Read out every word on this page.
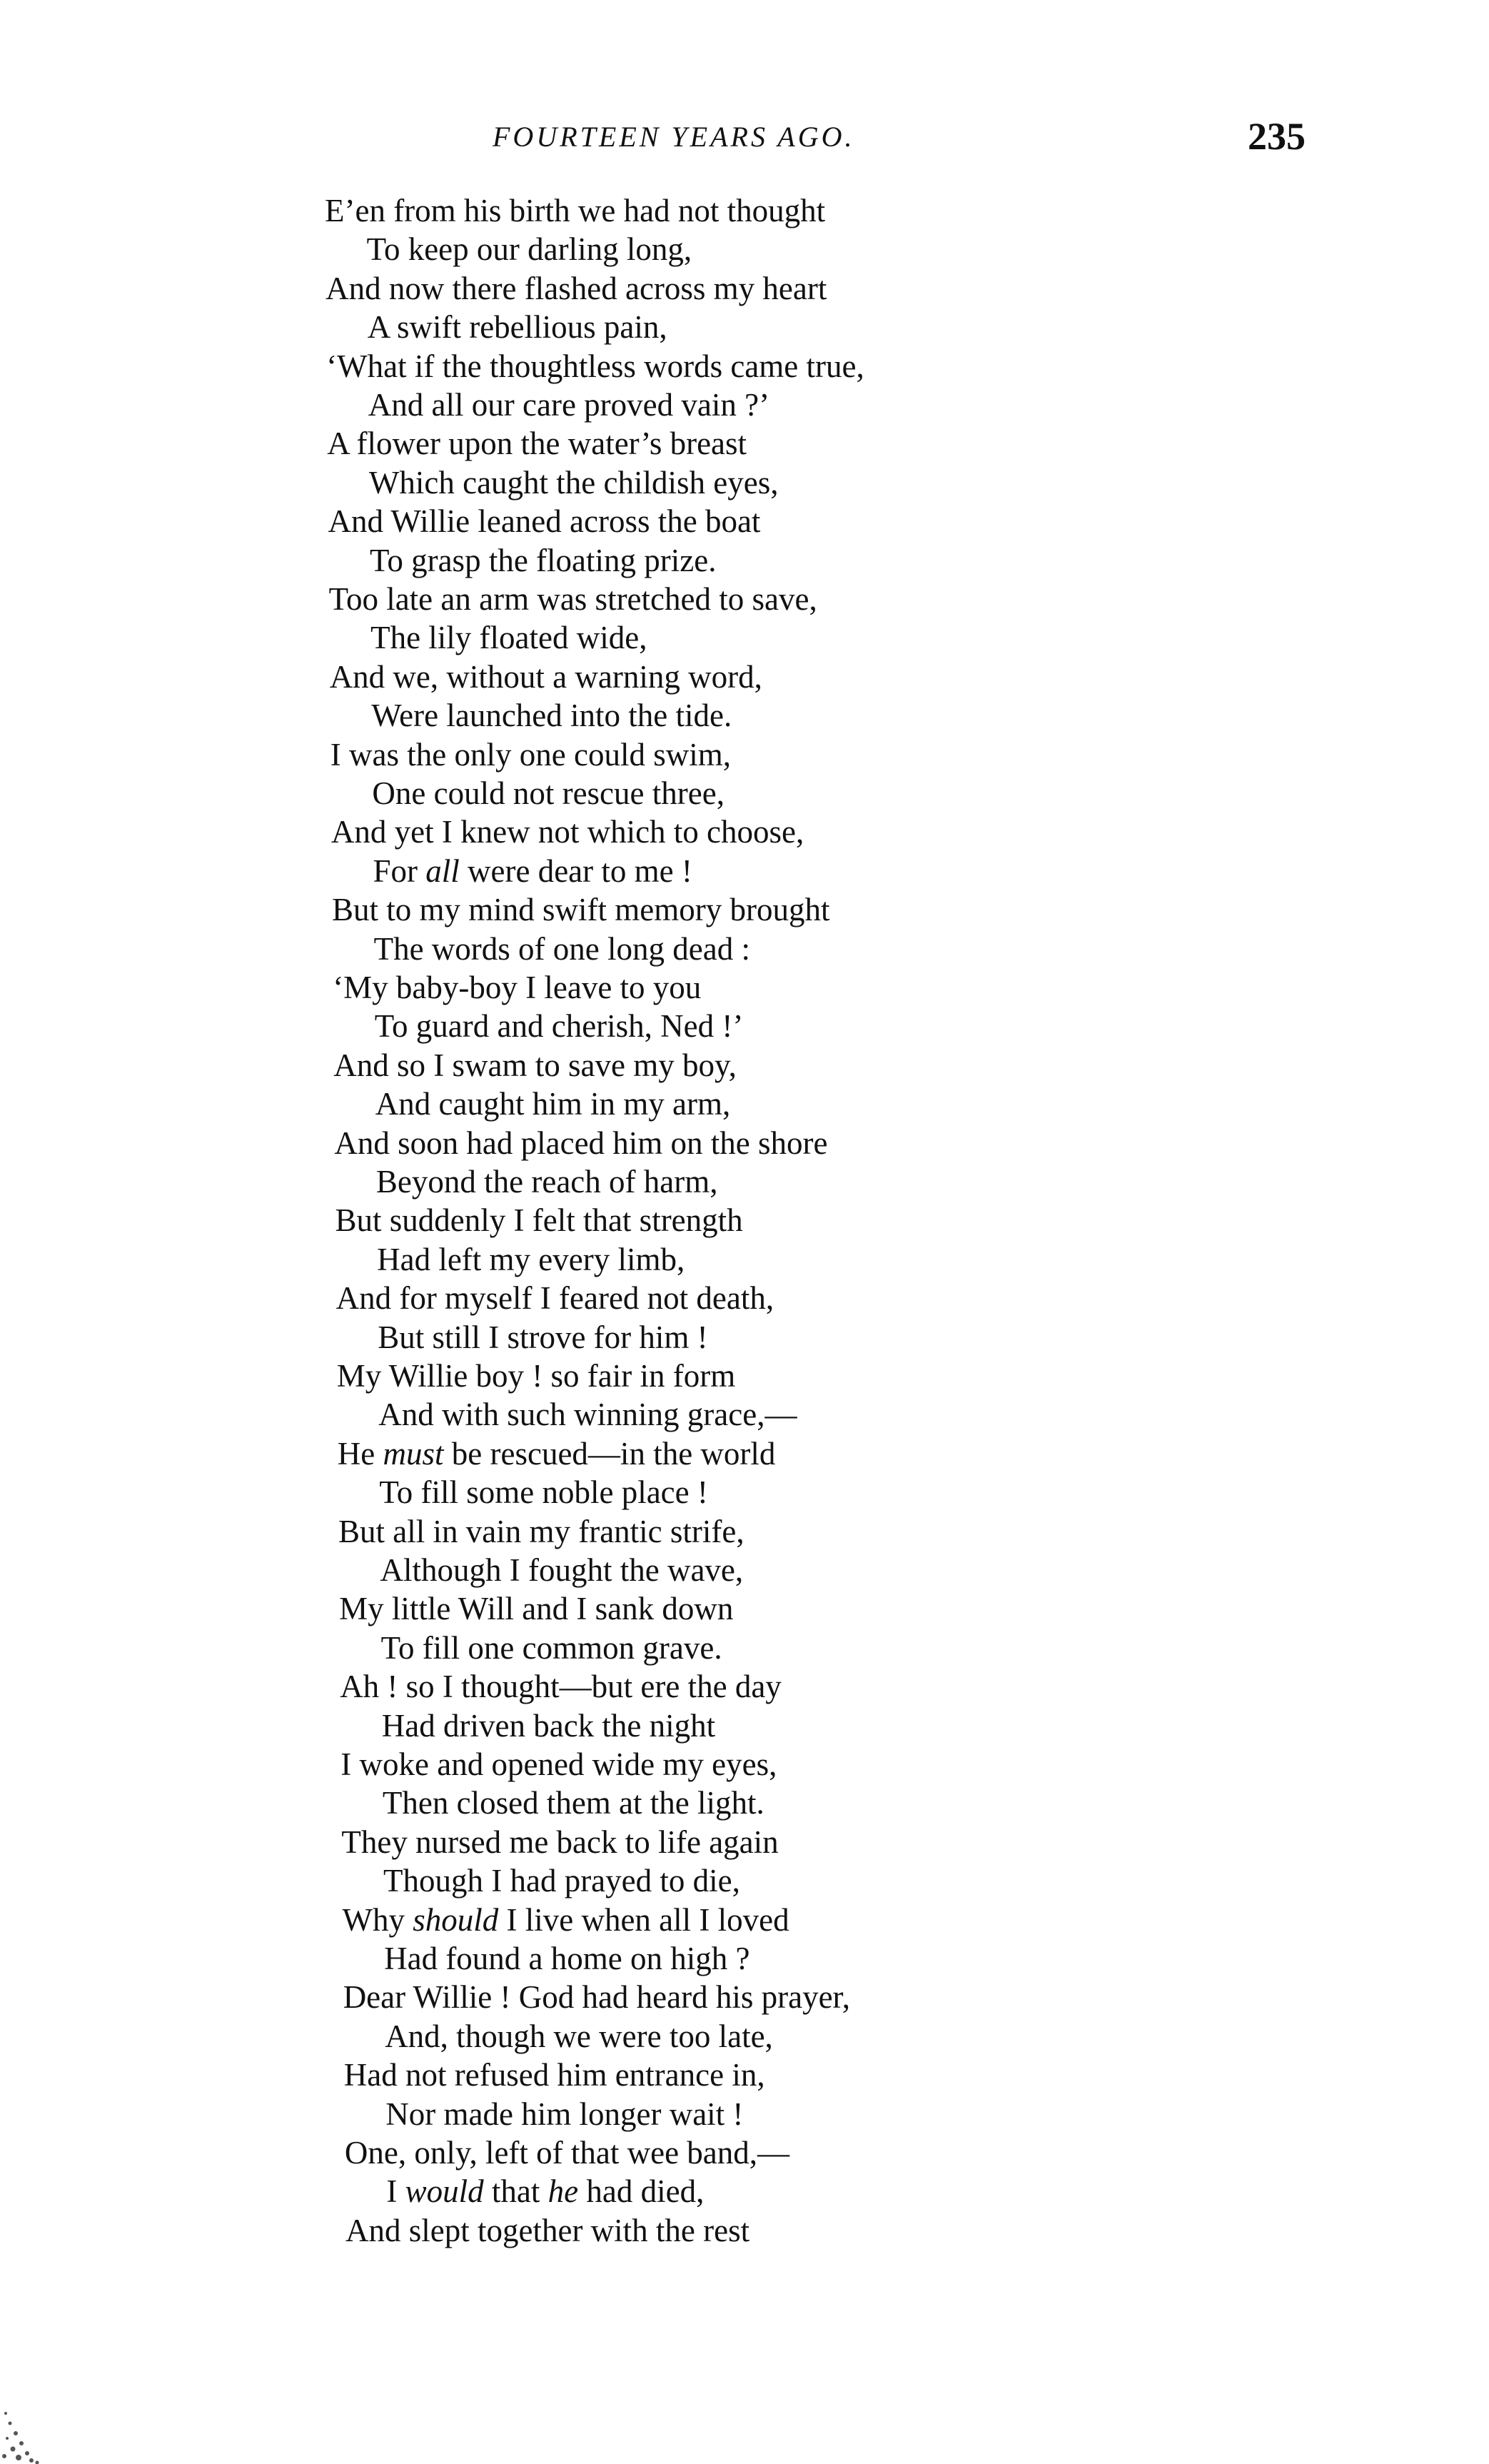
FOURTEEN YEARS AGO.	235
E’en from his birth we had not thought
To keep our darling long,
And now there flashed across my heart
A swift rebellious pain,
‘What if the thoughtless words came true,
And all our care proved vain ?’
A flower upon the water’s breast
Which caught the childish eyes,
And Willie leaned across the boat
To grasp the floating prize.
Too late an arm was stretched to save,
The lily floated wide,
And we, without a warning word,
Were launched into the tide.
I was the only one could swim,
One could not rescue three,
And yet I knew not which to choose,
For all were dear to me !
But to my mind swift memory brought
The words of one long dead :
‘My baby-boy I leave to you
To guard and cherish, Ned !’
And so I swam to save my boy,
And caught him in my arm,
And soon had placed him on the shore
Beyond the reach of harm,
But suddenly I felt that strength
Had left my every limb,
And for myself I feared not death,
But still I strove for him !
My Willie boy ! so fair in form
And with such winning grace,—
He must be rescued—in the world
To fill some noble place !
But all in vain my frantic strife,
Although I fought the wave,
My little Will and I sank down
To fill one common grave.
Ah ! so I thought—but ere the day
Had driven back the night
I woke and opened wide my eyes,
Then closed them at the light.
They nursed me back to life again
Though I had prayed to die,
Why should I live when all I loved
Had found a home on high ?
Dear Willie ! God had heard his prayer,
And, though we were too late,
Had not refused him entrance in,
Nor made him longer wait !
One, only, left of that wee band,—
I would that he had died,
And slept together with the rest
